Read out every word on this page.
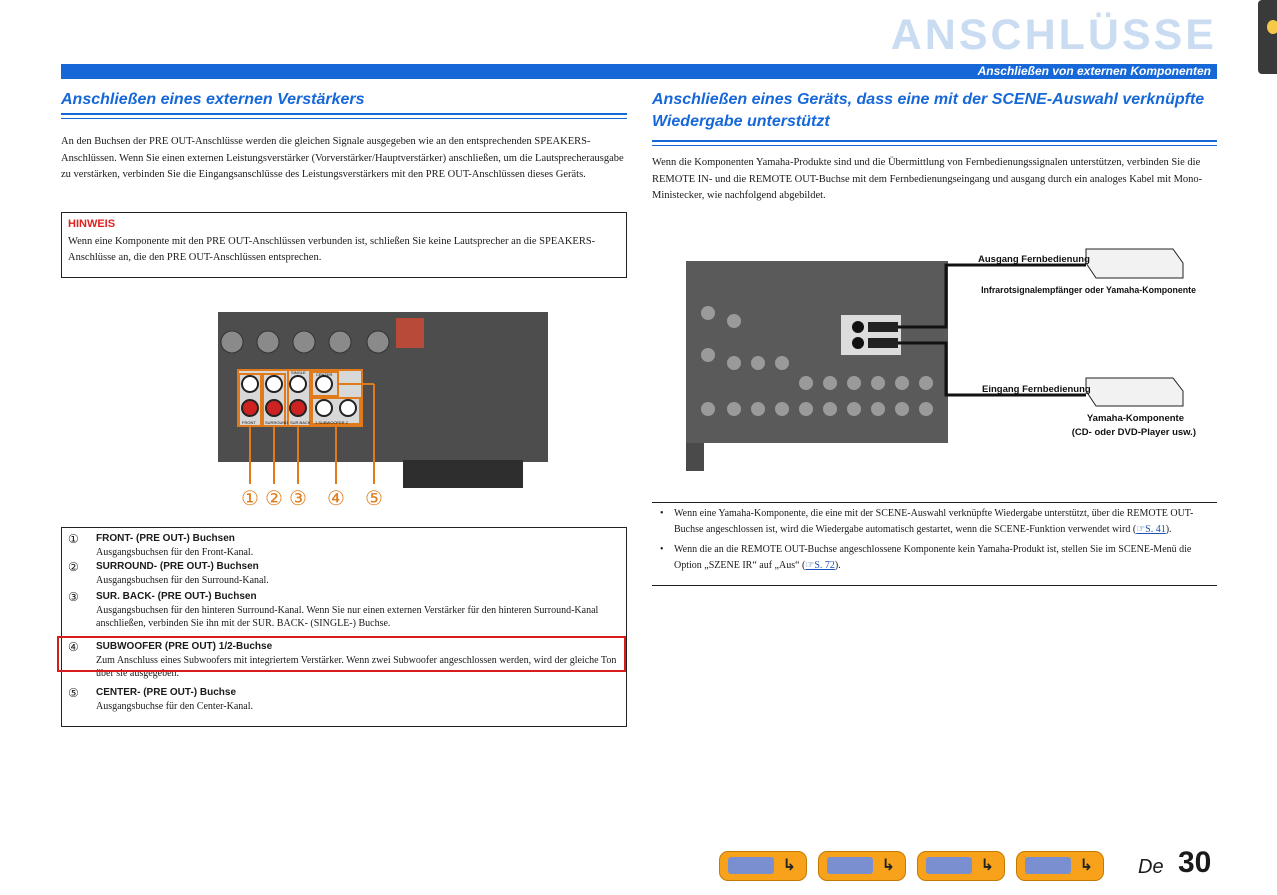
ANSCHLÜSSE
Anschließen von externen Komponenten
Anschließen eines externen Verstärkers
An den Buchsen der PRE OUT-Anschlüsse werden die gleichen Signale ausgegeben wie an den entsprechenden SPEAKERS-Anschlüssen. Wenn Sie einen externen Leistungsverstärker (Vorverstärker/Hauptverstärker) anschließen, um die Lautsprecherausgabe zu verstärken, verbinden Sie die Eingangsanschlüsse des Leistungsverstärkers mit den PRE OUT-Anschlüssen dieses Geräts.
HINWEIS
Wenn eine Komponente mit den PRE OUT-Anschlüssen verbunden ist, schließen Sie keine Lautsprecher an die SPEAKERS-Anschlüsse an, die den PRE OUT-Anschlüssen entsprechen.
FRONT SURROUND SUR.BACK
SINGLE	CENTER
1 SUBWOOFER 2
① ② ③ ④ ⑤
① FRONT- (PRE OUT-) Buchsen
Ausgangsbuchsen für den Front-Kanal.
② SURROUND- (PRE OUT-) Buchsen
Ausgangsbuchsen für den Surround-Kanal.
③ SUR. BACK- (PRE OUT-) Buchsen
Ausgangsbuchsen für den hinteren Surround-Kanal. Wenn Sie nur einen externen Verstärker für den hinteren Surround-Kanal anschließen, verbinden Sie ihn mit der SUR. BACK- (SINGLE-) Buchse.
④ SUBWOOFER (PRE OUT) 1/2-Buchse
Zum Anschluss eines Subwoofers mit integriertem Verstärker. Wenn zwei Subwoofer angeschlossen werden, wird der gleiche Ton über sie ausgegeben.
⑤ CENTER- (PRE OUT-) Buchse
Ausgangsbuchse für den Center-Kanal.
Anschließen eines Geräts, dass eine mit der SCENE-Auswahl verknüpfte
Wiedergabe unterstützt
Wenn die Komponenten Yamaha-Produkte sind und die Übermittlung von Fernbedienungssignalen unterstützen, verbinden Sie die REMOTE IN- und die REMOTE OUT-Buchse mit dem Fernbedienungseingang und ausgang durch ein analoges Kabel mit Mono-Ministecker, wie nachfolgend abgebildet.
Ausgang Fernbedienung
Eingang Fernbedienung
Infrarotsignalempfänger oder Yamaha-Komponente
Yamaha-Komponente
(CD- oder DVD-Player usw.)
• Wenn eine Yamaha-Komponente, die eine mit der SCENE-Auswahl verknüpfte Wiedergabe unterstützt, über die REMOTE OUT-Buchse angeschlossen ist, wird die Wiedergabe automatisch gestartet, wenn die SCENE-Funktion verwendet wird (☞S. 41).
• Wenn die an die REMOTE OUT-Buchse angeschlossene Komponente kein Yamaha-Produkt ist, stellen Sie im SCENE-Menü die Option „SZENE IR“ auf „Aus“ (☞S. 72).
↳	↳	↳	↳ De 30
